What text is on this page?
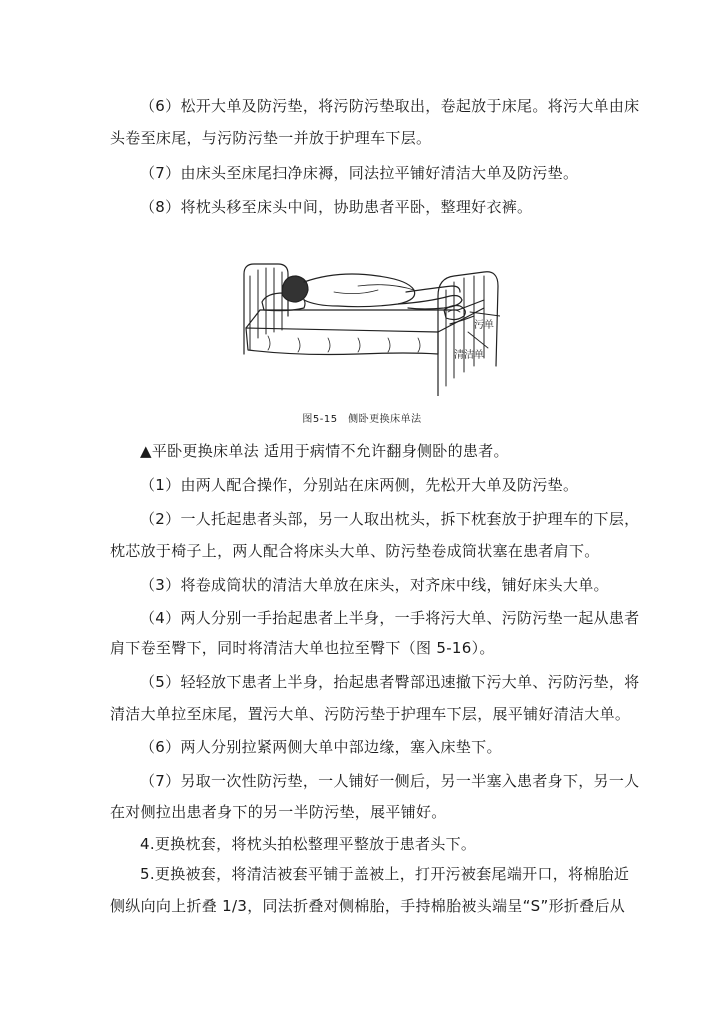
（6）松开大单及防污垫，将污防污垫取出，卷起放于床尾。将污大单由床
头卷至床尾，与污防污垫一并放于护理车下层。
（7）由床头至床尾扫净床褥，同法拉平铺好清洁大单及防污垫。
（8）将枕头移至床头中间，协助患者平卧，整理好衣裤。
污单
清洁单
图5-15　侧卧更换床单法
▲平卧更换床单法 适用于病情不允许翻身侧卧的患者。
（1）由两人配合操作，分别站在床两侧，先松开大单及防污垫。
（2）一人托起患者头部，另一人取出枕头，拆下枕套放于护理车的下层，
枕芯放于椅子上，两人配合将床头大单、防污垫卷成筒状塞在患者肩下。
（3）将卷成筒状的清洁大单放在床头，对齐床中线，铺好床头大单。
（4）两人分别一手抬起患者上半身，一手将污大单、污防污垫一起从患者
肩下卷至臀下，同时将清洁大单也拉至臀下（图 5-16）。
（5）轻轻放下患者上半身，抬起患者臀部迅速撤下污大单、污防污垫，将
清洁大单拉至床尾，置污大单、污防污垫于护理车下层，展平铺好清洁大单。
（6）两人分别拉紧两侧大单中部边缘，塞入床垫下。
（7）另取一次性防污垫，一人铺好一侧后，另一半塞入患者身下，另一人
在对侧拉出患者身下的另一半防污垫，展平铺好。
4.更换枕套，将枕头拍松整理平整放于患者头下。
5.更换被套，将清洁被套平铺于盖被上，打开污被套尾端开口，将棉胎近
侧纵向向上折叠 1/3，同法折叠对侧棉胎，手持棉胎被头端呈“S”形折叠后从
